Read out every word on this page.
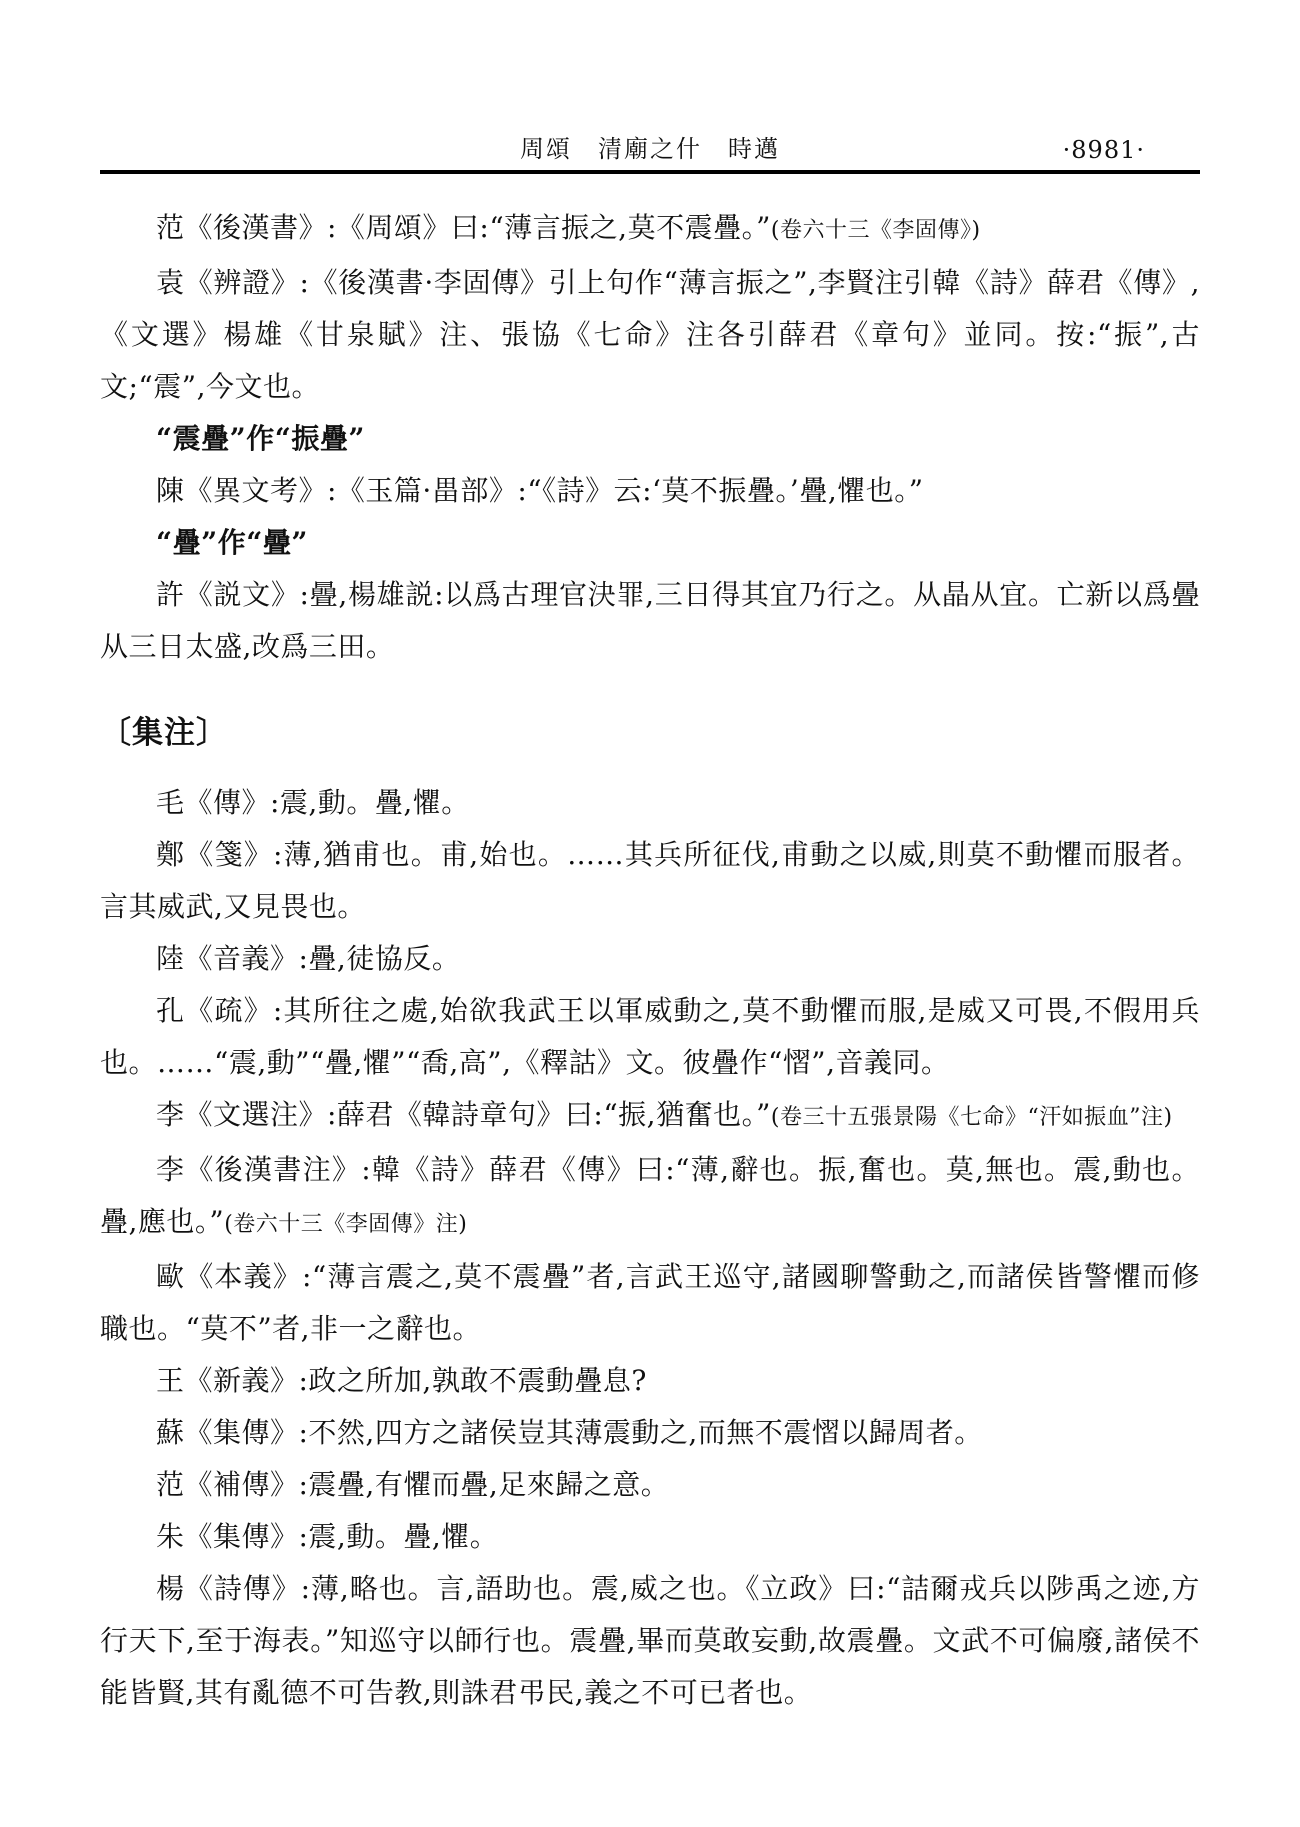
周頌　清廟之什　時邁	·8981·

范《後漢書》:《周頌》曰:“薄言振之,莫不震疊。”(卷六十三《李固傳》)

袁《辨證》:《後漢書·李固傳》引上句作“薄言振之”,李賢注引韓《詩》薛君《傳》,《文選》楊雄《甘泉賦》注、張協《七命》注各引薛君《章句》並同。按:“振”,古文;“震”,今文也。

“震疊”作“振疊”

陳《異文考》:《玉篇·畕部》:“《詩》云:‘莫不振疊。’疊,懼也。”

“疊”作“曡”

許《説文》:曡,楊雄説:以爲古理官決罪,三日得其宜乃行之。从晶从宜。亡新以爲曡从三日太盛,改爲三田。

〔集注〕

毛《傳》:震,動。疊,懼。

鄭《箋》:薄,猶甫也。甫,始也。……其兵所征伐,甫動之以威,則莫不動懼而服者。言其威武,又見畏也。

陸《音義》:疊,徒協反。

孔《疏》:其所往之處,始欲我武王以軍威動之,莫不動懼而服,是威又可畏,不假用兵也。……“震,動”“疊,懼”“喬,高”,《釋詁》文。彼疊作“慴”,音義同。

李《文選注》:薛君《韓詩章句》曰:“振,猶奮也。”(卷三十五張景陽《七命》“汗如振血”注)

李《後漢書注》:韓《詩》薛君《傳》曰:“薄,辭也。振,奮也。莫,無也。震,動也。疊,應也。”(卷六十三《李固傳》注)

歐《本義》:“薄言震之,莫不震疊”者,言武王巡守,諸國聊警動之,而諸侯皆警懼而修職也。“莫不”者,非一之辭也。

王《新義》:政之所加,孰敢不震動疊息?

蘇《集傳》:不然,四方之諸侯豈其薄震動之,而無不震慴以歸周者。

范《補傳》:震疊,有懼而疊,足來歸之意。

朱《集傳》:震,動。疊,懼。

楊《詩傳》:薄,略也。言,語助也。震,威之也。《立政》曰:“詰爾戎兵以陟禹之迹,方行天下,至于海表。”知巡守以師行也。震疊,畢而莫敢妄動,故震疊。文武不可偏廢,諸侯不能皆賢,其有亂德不可告教,則誅君弔民,義之不可已者也。
